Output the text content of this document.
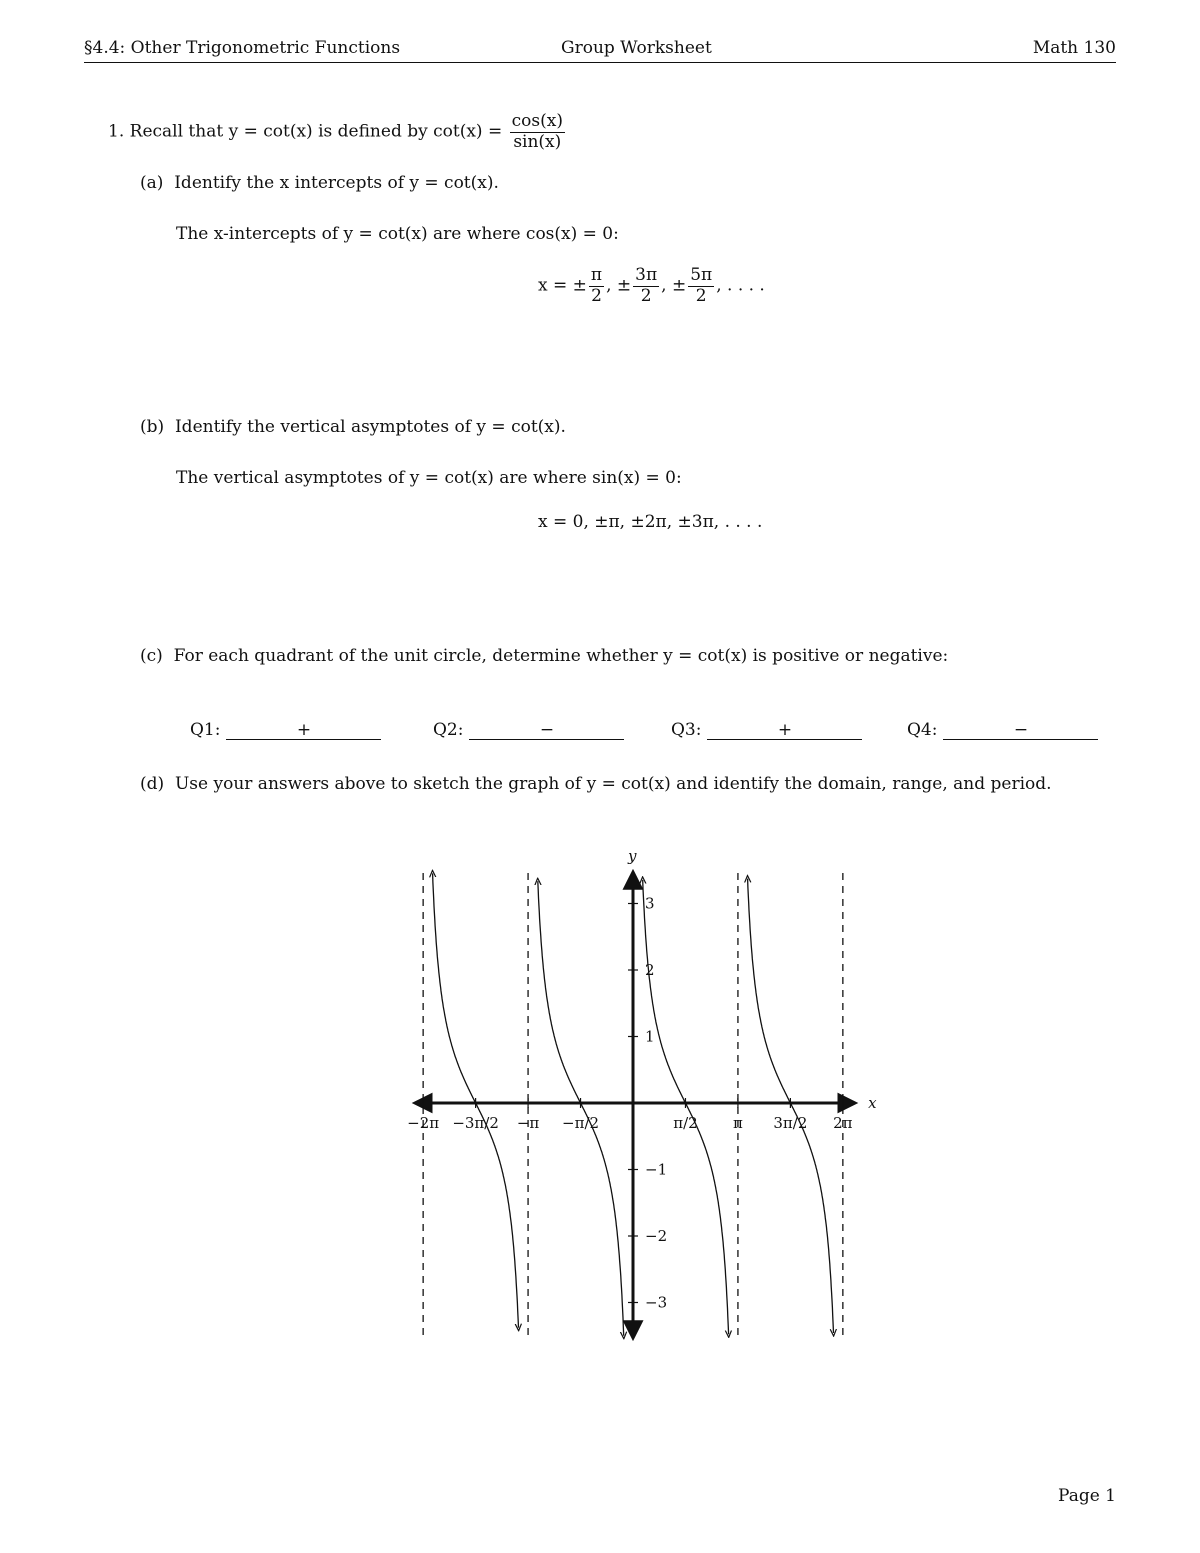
§4.4: Other Trigonometric Functions	Group Worksheet	Math 130
1. Recall that y = cot(x) is defined by $\cot(x) = \frac{\cos(x)}{\sin(x)}$
(a) Identify the x intercepts of y = cot(x).
The x-intercepts of y = cot(x) are where cos(x) = 0:
x = ± $\frac{\pi}{2}$ , ± $\frac{3\pi}{2}$ , ± $\frac{5\pi}{2}$ , . . . .
(b) Identify the vertical asymptotes of y = cot(x).
The vertical asymptotes of y = cot(x) are where sin(x) = 0:
x = 0, ±π, ±2π, ±3π, . . . .
(c) For each quadrant of the unit circle, determine whether y = cot(x) is positive or negative:
Q1:	+	Q2:	−	Q3:	+	Q4:	−
(d) Use your answers above to sketch the graph of y = cot(x) and identify the domain, range, and period.
x
y
−2π −3π/2 −π −π/2	π/2 π 3π/2 2π
3
2
1
−1
−2
−3
Page 1
